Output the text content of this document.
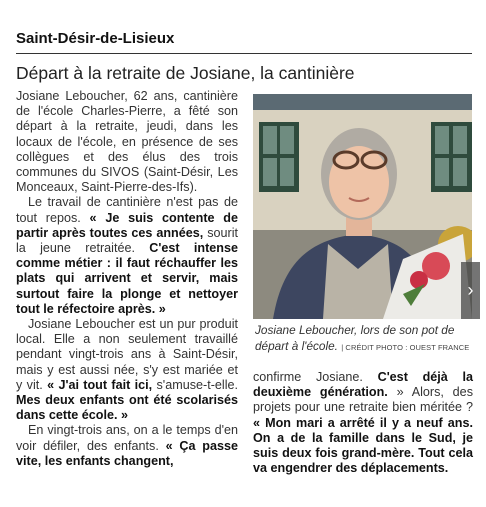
Saint-Désir-de-Lisieux
Départ à la retraite de Josiane, la cantinière

Josiane Leboucher, 62 ans, cantinière de l'école Charles-Pierre, a fêté son départ à la retraite, jeudi, dans les locaux de l'école, en présence de ses collègues et des élus des trois communes du SIVOS (Saint-Désir, Les Monceaux, Saint-Pierre-des-Ifs).

Le travail de cantinière n'est pas de tout repos. « Je suis contente de partir après toutes ces années, sourit la jeune retraitée. C'est intense comme métier : il faut réchauffer les plats qui arrivent et servir, mais surtout faire la plonge et nettoyer tout le réfectoire après. »

Josiane Leboucher est un pur produit local. Elle a non seulement travaillé pendant vingt-trois ans à Saint-Désir, mais y est aussi née, s'y est mariée et y vit. « J'ai tout fait ici, s'amuse-t-elle. Mes deux enfants ont été scolarisés dans cette école. »

En vingt-trois ans, on a le temps d'en voir défiler, des enfants. « Ça passe vite, les enfants changent,

›
Josiane Leboucher, lors de son pot de départ à l'école. | CRÉDIT PHOTO : OUEST FRANCE

confirme Josiane. C'est déjà la deuxième génération. » Alors, des projets pour une retraite bien méritée ? « Mon mari a arrêté il y a neuf ans. On a de la famille dans le Sud, je suis deux fois grand-mère. Tout cela va engendrer des déplacements.
